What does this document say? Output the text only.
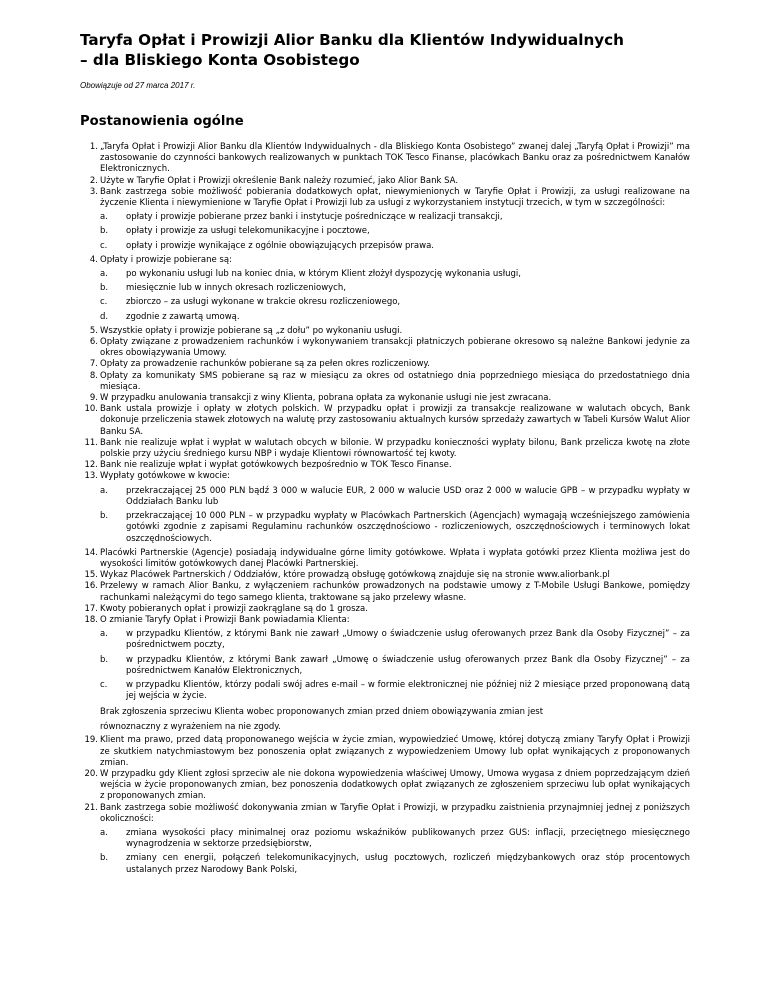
Taryfa Opłat i Prowizji Alior Banku dla Klientów Indywidualnych
– dla Bliskiego Konta Osobistego

Obowiązuje od 27 marca 2017 r.

Postanowienia ogólne
1. „Taryfa Opłat i Prowizji Alior Banku dla Klientów Indywidualnych - dla Bliskiego Konta Osobistego” zwanej dalej „Taryfą Opłat i Prowizji” ma zastosowanie do czynności bankowych realizowanych w punktach TOK Tesco Finanse, placówkach Banku oraz za pośrednictwem Kanałów Elektronicznych.
2. Użyte w Taryfie Opłat i Prowizji określenie Bank należy rozumieć, jako Alior Bank SA.
3. Bank zastrzega sobie możliwość pobierania dodatkowych opłat, niewymienionych w Taryfie Opłat i Prowizji, za usługi realizowane na życzenie Klienta i niewymienione w Taryfie Opłat i Prowizji lub za usługi z wykorzystaniem instytucji trzecich, w tym w szczególności:
a. opłaty i prowizje pobierane przez banki i instytucje pośredniczące w realizacji transakcji,
b. opłaty i prowizje za usługi telekomunikacyjne i pocztowe,
c. opłaty i prowizje wynikające z ogólnie obowiązujących przepisów prawa.
4. Opłaty i prowizje pobierane są:
a. po wykonaniu usługi lub na koniec dnia, w którym Klient złożył dyspozycję wykonania usługi,
b. miesięcznie lub w innych okresach rozliczeniowych,
c. zbiorczo – za usługi wykonane w trakcie okresu rozliczeniowego,
d. zgodnie z zawartą umową.
5. Wszystkie opłaty i prowizje pobierane są „z dołu” po wykonaniu usługi.
6. Opłaty związane z prowadzeniem rachunków i wykonywaniem transakcji płatniczych pobierane okresowo są należne Bankowi jedynie za okres obowiązywania Umowy.
7. Opłaty za prowadzenie rachunków pobierane są za pełen okres rozliczeniowy.
8. Opłaty za komunikaty SMS pobierane są raz w miesiącu za okres od ostatniego dnia poprzedniego miesiąca do przedostatniego dnia miesiąca.
9. W przypadku anulowania transakcji z winy Klienta, pobrana opłata za wykonanie usługi nie jest zwracana.
10. Bank ustala prowizje i opłaty w złotych polskich. W przypadku opłat i prowizji za transakcje realizowane w walutach obcych, Bank dokonuje przeliczenia stawek złotowych na walutę przy zastosowaniu aktualnych kursów sprzedaży zawartych w Tabeli Kursów Walut Alior Banku SA.
11. Bank nie realizuje wpłat i wypłat w walutach obcych w bilonie. W przypadku konieczności wypłaty bilonu, Bank przelicza kwotę na złote polskie przy użyciu średniego kursu NBP i wydaje Klientowi równowartość tej kwoty.
12. Bank nie realizuje wpłat i wypłat gotówkowych bezpośrednio w TOK Tesco Finanse.
13. Wypłaty gotówkowe w kwocie:
a. przekraczającej 25 000 PLN bądź 3 000 w walucie EUR, 2 000 w walucie USD oraz 2 000 w walucie GPB – w przypadku wypłaty w Oddziałach Banku lub
b. przekraczającej 10 000 PLN – w przypadku wypłaty w Placówkach Partnerskich (Agencjach) wymagają wcześniejszego zamówienia gotówki zgodnie z zapisami Regulaminu rachunków oszczędnościowo - rozliczeniowych, oszczędnościowych i terminowych lokat oszczędnościowych.
14. Placówki Partnerskie (Agencje) posiadają indywidualne górne limity gotówkowe. Wpłata i wypłata gotówki przez Klienta możliwa jest do wysokości limitów gotówkowych danej Placówki Partnerskiej.
15. Wykaz Placówek Partnerskich / Oddziałów, które prowadzą obsługę gotówkową znajduje się na stronie www.aliorbank.pl
16. Przelewy w ramach Alior Banku, z wyłączeniem rachunków prowadzonych na podstawie umowy z T-Mobile Usługi Bankowe, pomiędzy rachunkami należącymi do tego samego klienta, traktowane są jako przelewy własne.
17. Kwoty pobieranych opłat i prowizji zaokrąglane są do 1 grosza.
18. O zmianie Taryfy Opłat i Prowizji Bank powiadamia Klienta:
a. w przypadku Klientów, z którymi Bank nie zawarł „Umowy o świadczenie usług oferowanych przez Bank dla Osoby Fizycznej” – za pośrednictwem poczty,
b. w przypadku Klientów, z którymi Bank zawarł „Umowę o świadczenie usług oferowanych przez Bank dla Osoby Fizycznej” – za pośrednictwem Kanałów Elektronicznych,
c. w przypadku Klientów, którzy podali swój adres e-mail – w formie elektronicznej nie później niż 2 miesiące przed proponowaną datą jej wejścia w życie.
Brak zgłoszenia sprzeciwu Klienta wobec proponowanych zmian przed dniem obowiązywania zmian jest
równoznaczny z wyrażeniem na nie zgody.
19. Klient ma prawo, przed datą proponowanego wejścia w życie zmian, wypowiedzieć Umowę, której dotyczą zmiany Taryfy Opłat i Prowizji ze skutkiem natychmiastowym bez ponoszenia opłat związanych z wypowiedzeniem Umowy lub opłat wynikających z proponowanych zmian.
20. W przypadku gdy Klient zgłosi sprzeciw ale nie dokona wypowiedzenia właściwej Umowy, Umowa wygasa z dniem poprzedzającym dzień wejścia w życie proponowanych zmian, bez ponoszenia dodatkowych opłat związanych ze zgłoszeniem sprzeciwu lub opłat wynikających z proponowanych zmian.
21. Bank zastrzega sobie możliwość dokonywania zmian w Taryfie Opłat i Prowizji, w przypadku zaistnienia przynajmniej jednej z poniższych okoliczności:
a. zmiana wysokości płacy minimalnej oraz poziomu wskaźników publikowanych przez GUS: inflacji, przeciętnego miesięcznego wynagrodzenia w sektorze przedsiębiorstw,
b. zmiany cen energii, połączeń telekomunikacyjnych, usług pocztowych, rozliczeń międzybankowych oraz stóp procentowych ustalanych przez Narodowy Bank Polski,
